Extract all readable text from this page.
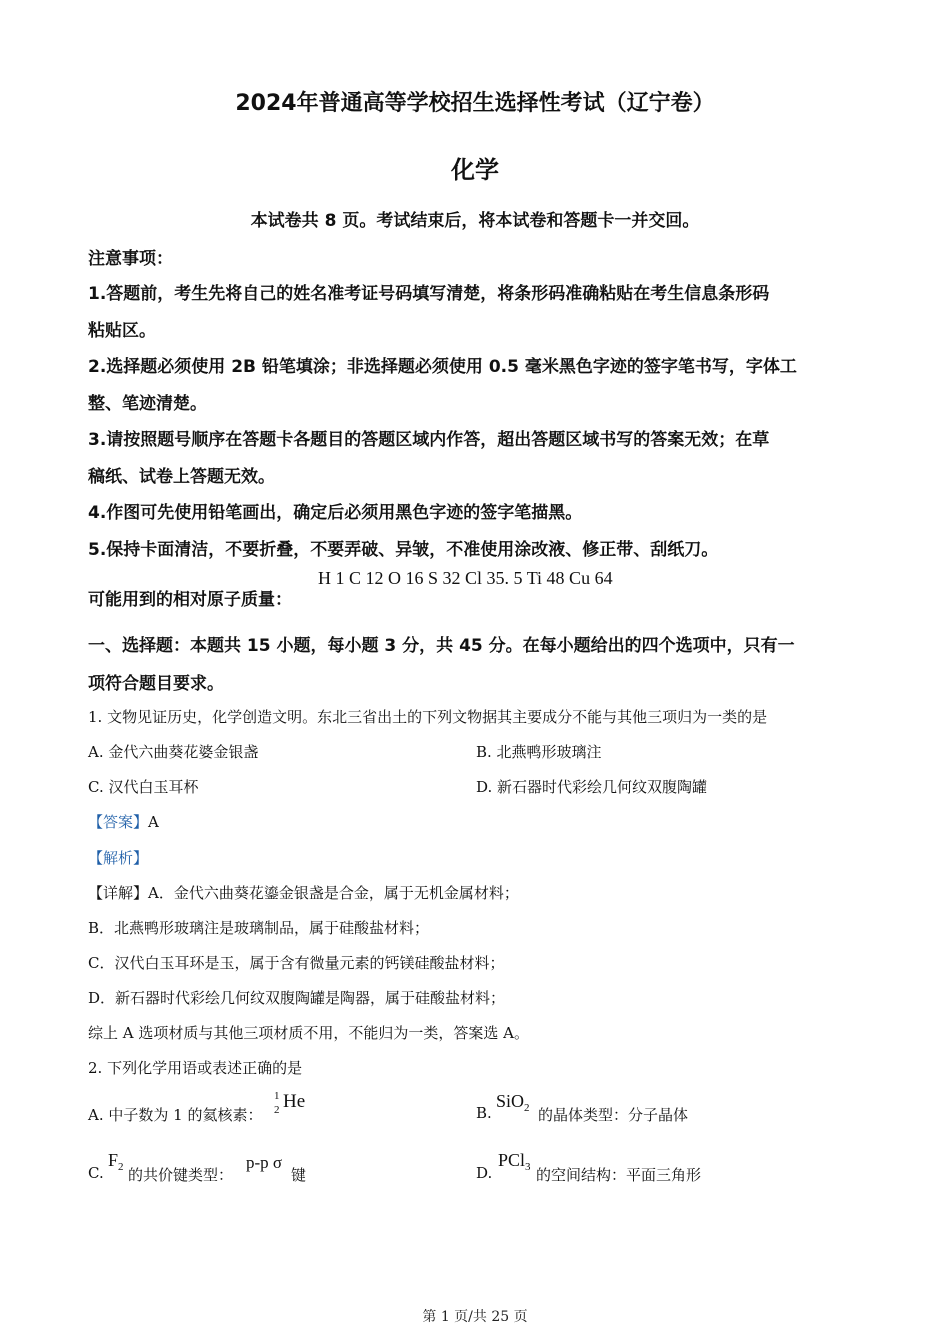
2024年普通高等学校招生选择性考试（辽宁卷）
化学
本试卷共 8 页。考试结束后，将本试卷和答题卡一并交回。
注意事项：
1.答题前，考生先将自己的姓名准考证号码填写清楚，将条形码准确粘贴在考生信息条形码
粘贴区。
2.选择题必须使用 2B 铅笔填涂；非选择题必须使用 0.5 毫米黑色字迹的签字笔书写，字体工
整、笔迹清楚。
3.请按照题号顺序在答题卡各题目的答题区域内作答，超出答题区域书写的答案无效；在草
稿纸、试卷上答题无效。
4.作图可先使用铅笔画出，确定后必须用黑色字迹的签字笔描黑。
5.保持卡面清洁，不要折叠，不要弄破、异皱，不准使用涂改液、修正带、刮纸刀。
可能用到的相对原子质量：
H 1 C 12 O 16 S 32 Cl 35. 5 Ti 48 Cu 64
一、选择题：本题共 15 小题，每小题 3 分，共 45 分。在每小题给出的四个选项中，只有一
项符合题目要求。
1. 文物见证历史，化学创造文明。东北三省出土的下列文物据其主要成分不能与其他三项归为一类的是
A. 金代六曲葵花婆金银盏	B. 北燕鸭形玻璃注
C. 汉代白玉耳杯	D. 新石器时代彩绘几何纹双腹陶罐
【答案】A
【解析】
【详解】A．金代六曲葵花鎏金银盏是合金，属于无机金属材料；
B．北燕鸭形玻璃注是玻璃制品，属于硅酸盐材料；
C．汉代白玉耳环是玉，属于含有微量元素的钙镁硅酸盐材料；
D．新石器时代彩绘几何纹双腹陶罐是陶器，属于硅酸盐材料；
综上 A 选项材质与其他三项材质不用，不能归为一类，答案选 A。
2. 下列化学用语或表述正确的是
A. 中子数为 1 的氦核素：
1
2 He
B.
SiO$_2$ 的晶体类型：分子晶体
C.
$F_2$ 的共价键类型：
p-p σ
键	D.
PCl$_3$ 的空间结构：平面三角形
第 1 页/共 25 页
